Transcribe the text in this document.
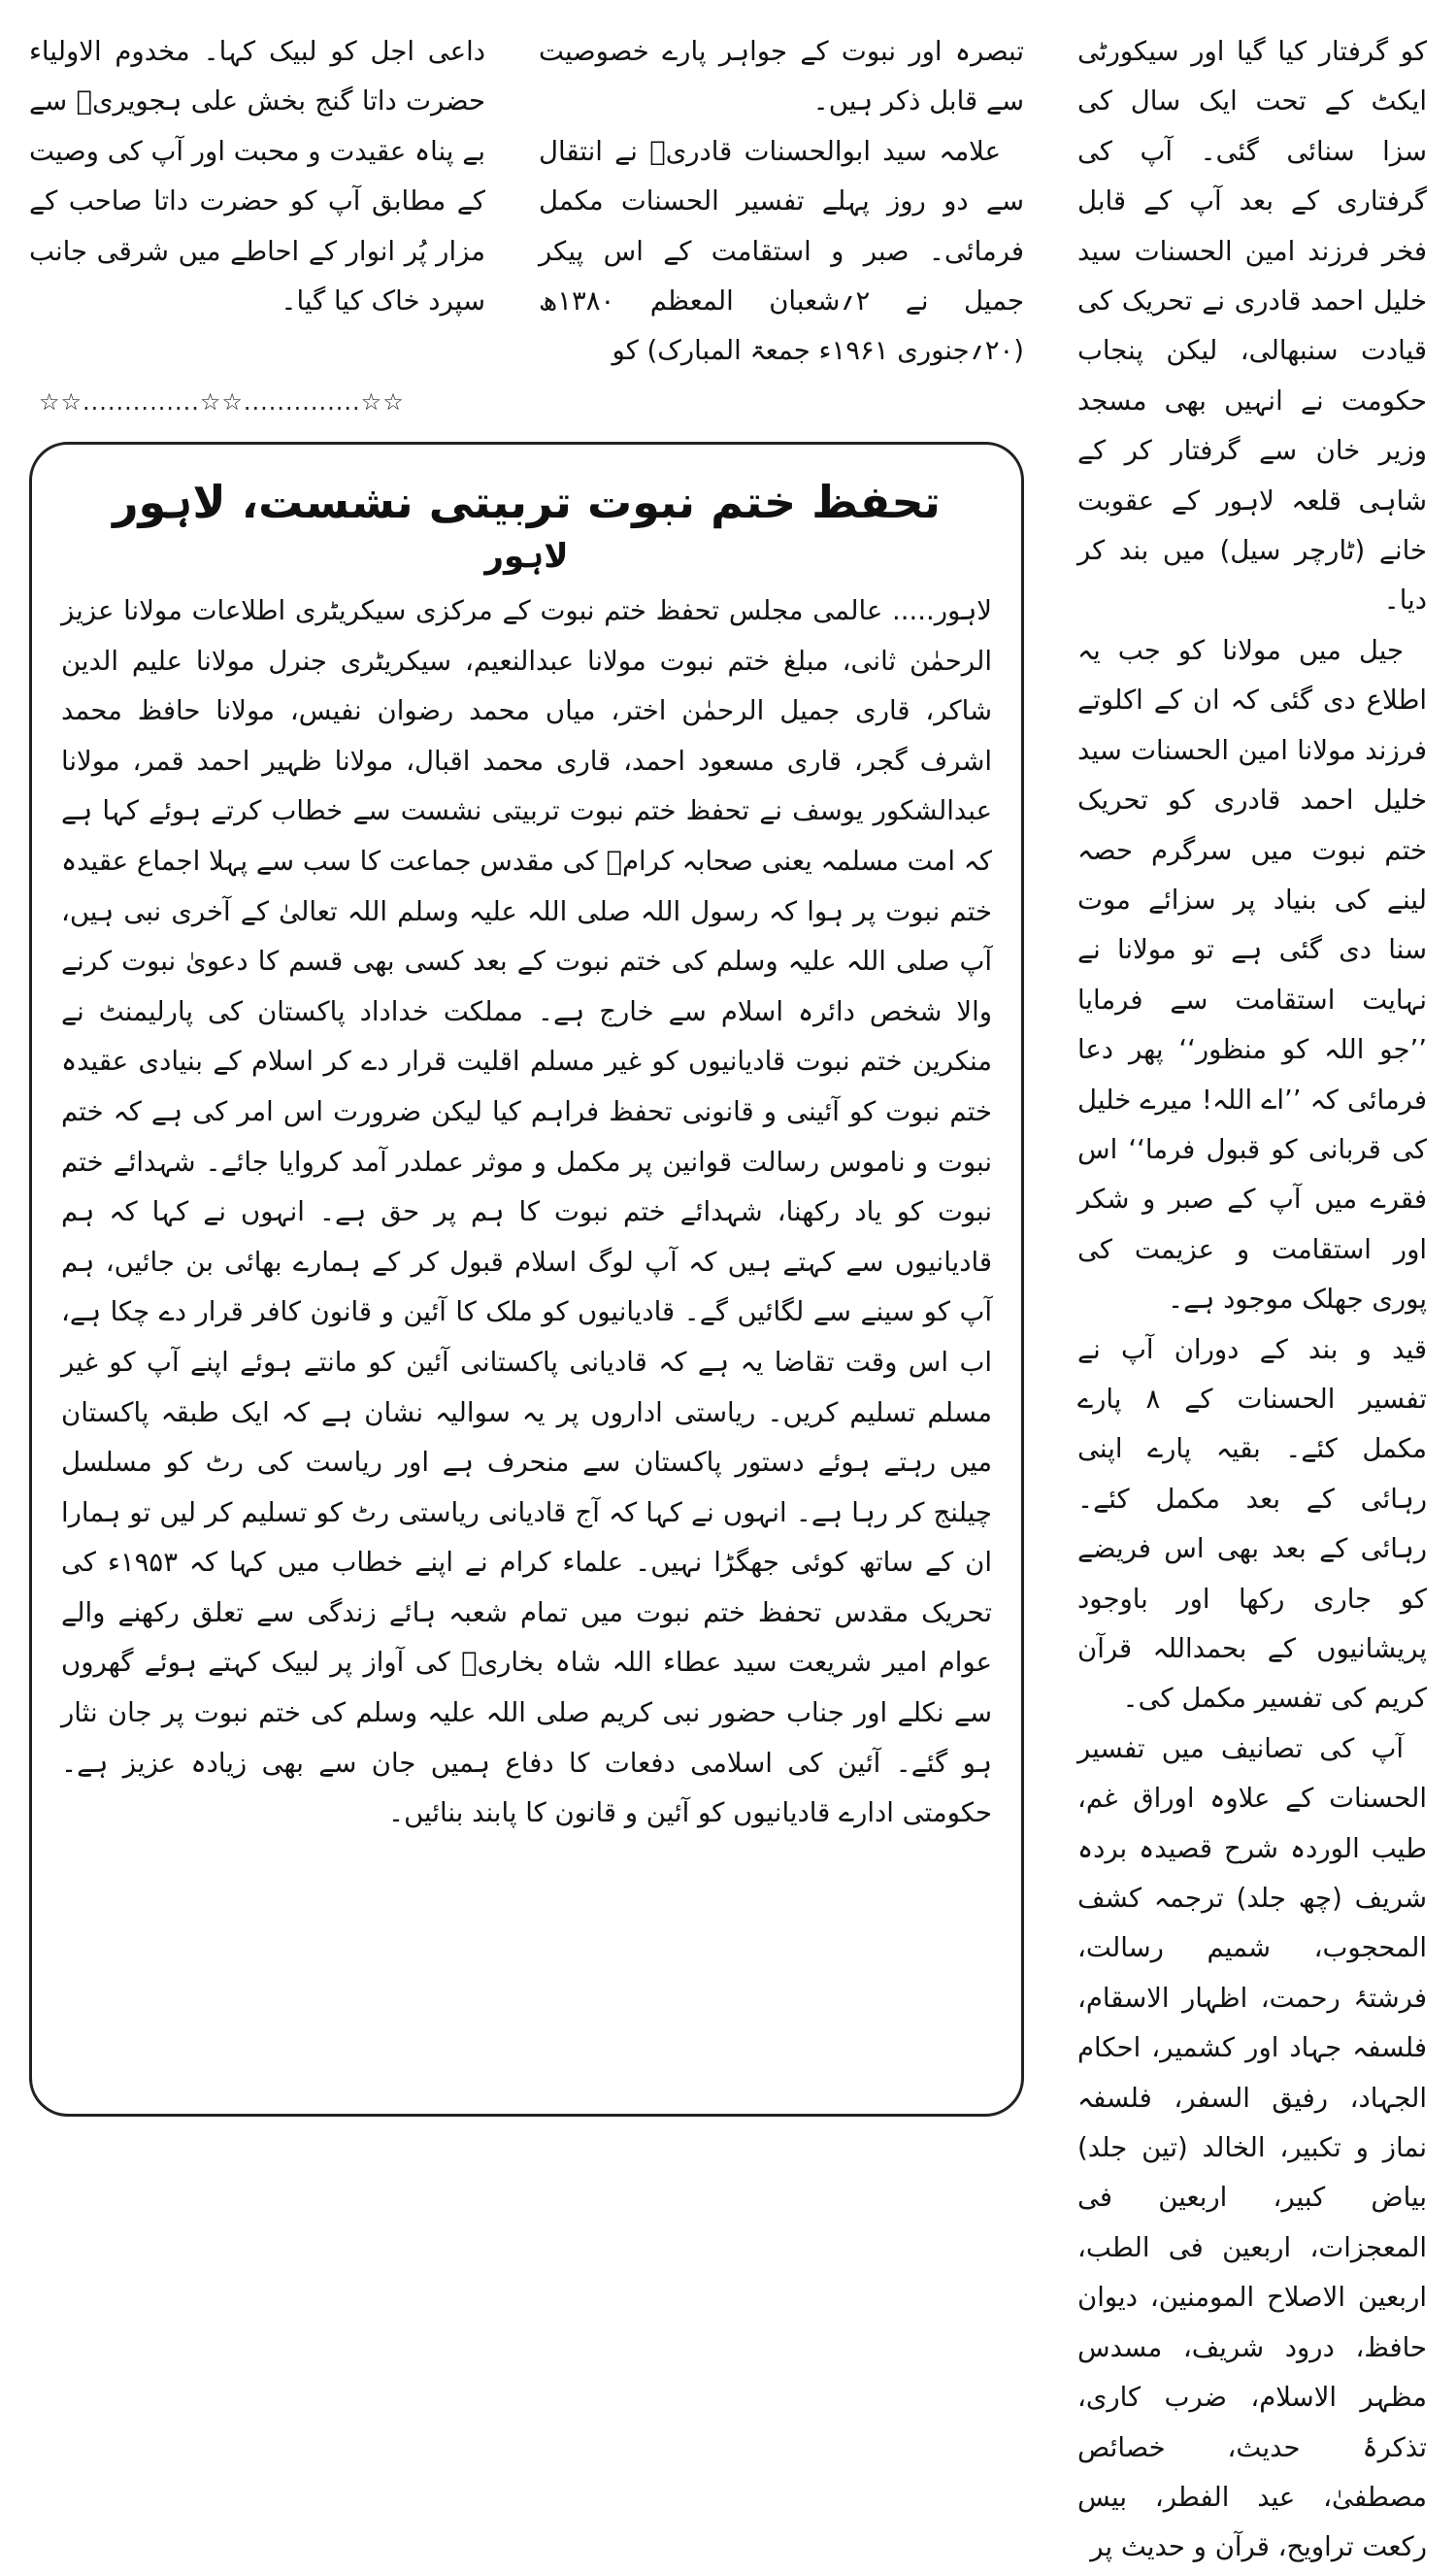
کو گرفتار کیا گیا اور سیکورٹی ایکٹ کے تحت ایک سال کی سزا سنائی گئی۔ آپ کی گرفتاری کے بعد آپ کے قابل فخر فرزند امین الحسنات سید خلیل احمد قادری نے تحریک کی قیادت سنبھالی، لیکن پنجاب حکومت نے انہیں بھی مسجد وزیر خان سے گرفتار کر کے شاہی قلعہ لاہور کے عقوبت خانے (ٹارچر سیل) میں بند کر دیا۔

جیل میں مولانا کو جب یہ اطلاع دی گئی کہ ان کے اکلوتے فرزند مولانا امین الحسنات سید خلیل احمد قادری کو تحریک ختم نبوت میں سرگرم حصہ لینے کی بنیاد پر سزائے موت سنا دی گئی ہے تو مولانا نے نہایت استقامت سے فرمایا ’’جو اللہ کو منظور‘‘ پھر دعا فرمائی کہ ’’اے اللہ! میرے خلیل کی قربانی کو قبول فرما‘‘ اس فقرے میں آپ کے صبر و شکر اور استقامت و عزیمت کی پوری جھلک موجود ہے۔

قید و بند کے دوران آپ نے تفسیر الحسنات کے ۸ پارے مکمل کئے۔ بقیہ پارے اپنی رہائی کے بعد مکمل کئے۔ رہائی کے بعد بھی اس فریضے کو جاری رکھا اور باوجود پریشانیوں کے بحمداللہ قرآن کریم کی تفسیر مکمل کی۔

آپ کی تصانیف میں تفسیر الحسنات کے علاوہ اوراق غم، طیب الوردہ شرح قصیدہ بردہ شریف (چھ جلد) ترجمہ کشف المحجوب، شمیم رسالت، فرشتۂ رحمت، اظہار الاسقام، فلسفہ جہاد اور کشمیر، احکام الجہاد، رفیق السفر، فلسفہ نماز و تکبیر، الخالد (تین جلد) بیاض کبیر، اربعین فی المعجزات، اربعین فی الطب، اربعین الاصلاح المومنین، دیوان حافظ، درود شریف، مسدس مظہر الاسلام، ضرب کاری، تذکرۂ حدیث، خصائص مصطفیٰ، عید الفطر، بیس رکعت تراویح، قرآن و حدیث پر

تبصرہ اور نبوت کے جواہر پارے خصوصیت سے قابل ذکر ہیں۔

علامہ سید ابوالحسنات قادریؒ نے انتقال سے دو روز پہلے تفسیر الحسنات مکمل فرمائی۔ صبر و استقامت کے اس پیکر جمیل نے ۲؍شعبان المعظم ۱۳۸۰ھ (۲۰؍جنوری ۱۹۶۱ء جمعۃ المبارک) کو

داعی اجل کو لبیک کہا۔ مخدوم الاولیاء حضرت داتا گنج بخش علی ہجویریؒ سے بے پناہ عقیدت و محبت اور آپ کی وصیت کے مطابق آپ کو حضرت داتا صاحب کے مزار پُر انوار کے احاطے میں شرقی جانب سپرد خاک کیا گیا۔

☆☆..............☆☆..............☆☆
تحفظ ختم نبوت تربیتی نشست، لاہور
لاہور

لاہور..... عالمی مجلس تحفظ ختم نبوت کے مرکزی سیکریٹری اطلاعات مولانا عزیز الرحمٰن ثانی، مبلغ ختم نبوت مولانا عبدالنعیم، سیکریٹری جنرل مولانا علیم الدین شاکر، قاری جمیل الرحمٰن اختر، میاں محمد رضوان نفیس، مولانا حافظ محمد اشرف گجر، قاری مسعود احمد، قاری محمد اقبال، مولانا ظہیر احمد قمر، مولانا عبدالشکور یوسف نے تحفظ ختم نبوت تربیتی نشست سے خطاب کرتے ہوئے کہا ہے کہ امت مسلمہ یعنی صحابہ کرامؓ کی مقدس جماعت کا سب سے پہلا اجماع عقیدہ ختم نبوت پر ہوا کہ رسول اللہ صلی اللہ علیہ وسلم اللہ تعالیٰ کے آخری نبی ہیں، آپ صلی اللہ علیہ وسلم کی ختم نبوت کے بعد کسی بھی قسم کا دعویٰ نبوت کرنے والا شخص دائرہ اسلام سے خارج ہے۔ مملکت خداداد پاکستان کی پارلیمنٹ نے منکرین ختم نبوت قادیانیوں کو غیر مسلم اقلیت قرار دے کر اسلام کے بنیادی عقیدہ ختم نبوت کو آئینی و قانونی تحفظ فراہم کیا لیکن ضرورت اس امر کی ہے کہ ختم نبوت و ناموس رسالت قوانین پر مکمل و موثر عملدر آمد کروایا جائے۔ شہدائے ختم نبوت کو یاد رکھنا، شہدائے ختم نبوت کا ہم پر حق ہے۔ انہوں نے کہا کہ ہم قادیانیوں سے کہتے ہیں کہ آپ لوگ اسلام قبول کر کے ہمارے بھائی بن جائیں، ہم آپ کو سینے سے لگائیں گے۔ قادیانیوں کو ملک کا آئین و قانون کافر قرار دے چکا ہے، اب اس وقت تقاضا یہ ہے کہ قادیانی پاکستانی آئین کو مانتے ہوئے اپنے آپ کو غیر مسلم تسلیم کریں۔ ریاستی اداروں پر یہ سوالیہ نشان ہے کہ ایک طبقہ پاکستان میں رہتے ہوئے دستور پاکستان سے منحرف ہے اور ریاست کی رٹ کو مسلسل چیلنج کر رہا ہے۔ انہوں نے کہا کہ آج قادیانی ریاستی رٹ کو تسلیم کر لیں تو ہمارا ان کے ساتھ کوئی جھگڑا نہیں۔ علماء کرام نے اپنے خطاب میں کہا کہ ۱۹۵۳ء کی تحریک مقدس تحفظ ختم نبوت میں تمام شعبہ ہائے زندگی سے تعلق رکھنے والے عوام امیر شریعت سید عطاء اللہ شاہ بخاریؒ کی آواز پر لبیک کہتے ہوئے گھروں سے نکلے اور جناب حضور نبی کریم صلی اللہ علیہ وسلم کی ختم نبوت پر جان نثار ہو گئے۔ آئین کی اسلامی دفعات کا دفاع ہمیں جان سے بھی زیادہ عزیز ہے۔ حکومتی ادارے قادیانیوں کو آئین و قانون کا پابند بنائیں۔
